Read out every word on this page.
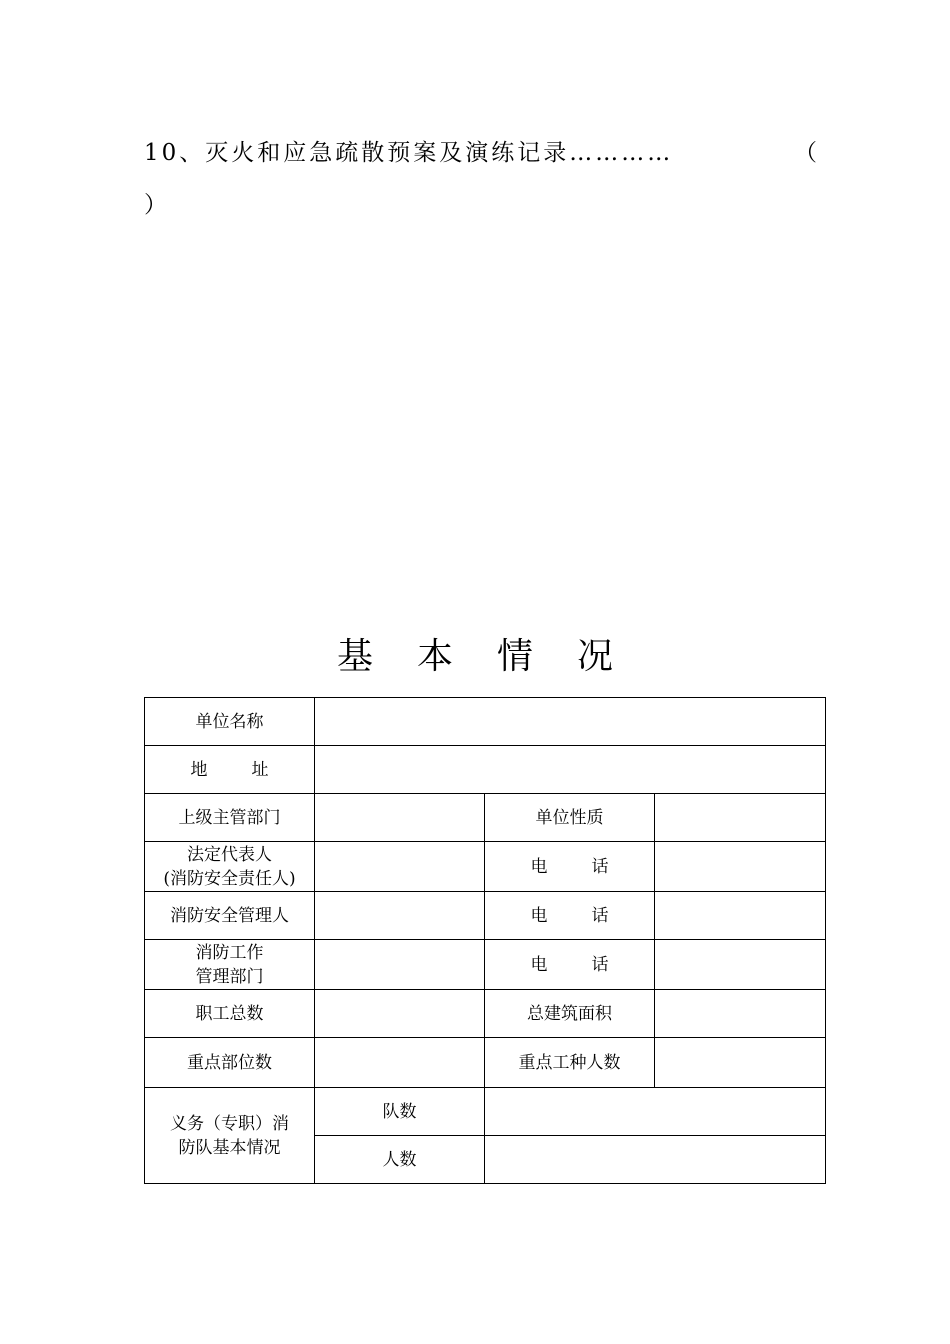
10、灭火和应急疏散预案及演练记录…………	（
）
基 本 情 况
单位名称			
地 址			
上级主管部门		单位性质	
法定代表人
(消防安全责任人)		电 话	
消防安全管理人		电 话	
消防工作
管理部门		电 话	
职工总数		总建筑面积	
重点部位数		重点工种人数	
义务（专职）消
防队基本情况	队数		
	人数		
